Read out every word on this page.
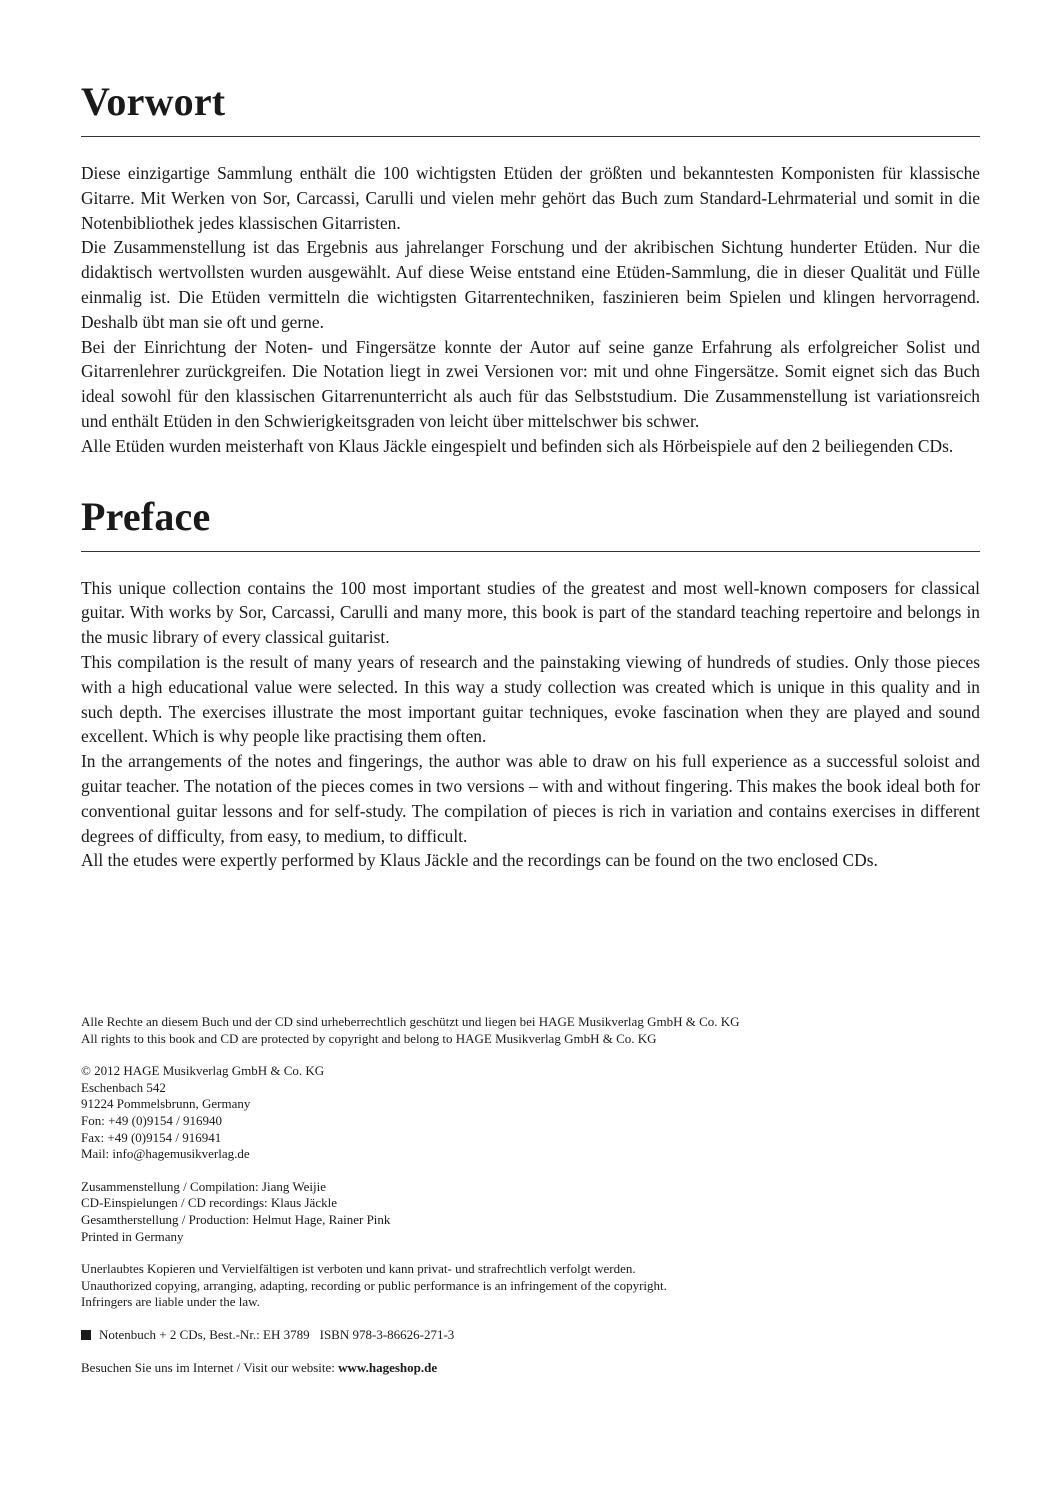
Vorwort

Diese einzigartige Sammlung enthält die 100 wichtigsten Etüden der größten und bekanntesten Komponisten für klassische Gitarre. Mit Werken von Sor, Carcassi, Carulli und vielen mehr gehört das Buch zum Standard-Lehrmaterial und somit in die Notenbibliothek jedes klassischen Gitarristen.

Die Zusammenstellung ist das Ergebnis aus jahrelanger Forschung und der akribischen Sichtung hunderter Etüden. Nur die didaktisch wertvollsten wurden ausgewählt. Auf diese Weise entstand eine Etüden-Sammlung, die in dieser Qualität und Fülle einmalig ist. Die Etüden vermitteln die wichtigsten Gitarrentechniken, faszinieren beim Spielen und klingen hervorragend. Deshalb übt man sie oft und gerne.

Bei der Einrichtung der Noten- und Fingersätze konnte der Autor auf seine ganze Erfahrung als erfolgreicher Solist und Gitarrenlehrer zurückgreifen. Die Notation liegt in zwei Versionen vor: mit und ohne Fingersätze. Somit eignet sich das Buch ideal sowohl für den klassischen Gitarrenunterricht als auch für das Selbststudium. Die Zusammenstellung ist variationsreich und enthält Etüden in den Schwierigkeitsgraden von leicht über mittelschwer bis schwer.

Alle Etüden wurden meisterhaft von Klaus Jäckle eingespielt und befinden sich als Hörbeispiele auf den 2 beiliegenden CDs.

Preface

This unique collection contains the 100 most important studies of the greatest and most well-known composers for classical guitar. With works by Sor, Carcassi, Carulli and many more, this book is part of the standard teaching repertoire and belongs in the music library of every classical guitarist.

This compilation is the result of many years of research and the painstaking viewing of hundreds of studies. Only those pieces with a high educational value were selected. In this way a study collection was created which is unique in this quality and in such depth. The exercises illustrate the most important guitar techniques, evoke fascination when they are played and sound excellent. Which is why people like practising them often.

In the arrangements of the notes and fingerings, the author was able to draw on his full experience as a successful soloist and guitar teacher. The notation of the pieces comes in two versions – with and without fingering. This makes the book ideal both for conventional guitar lessons and for self-study. The compilation of pieces is rich in variation and contains exercises in different degrees of difficulty, from easy, to medium, to difficult.

All the etudes were expertly performed by Klaus Jäckle and the recordings can be found on the two enclosed CDs.

Alle Rechte an diesem Buch und der CD sind urheberrechtlich geschützt und liegen bei HAGE Musikverlag GmbH & Co. KG
All rights to this book and CD are protected by copyright and belong to HAGE Musikverlag GmbH & Co. KG
© 2012 HAGE Musikverlag GmbH & Co. KG
Eschenbach 542
91224 Pommelsbrunn, Germany
Fon: +49 (0)9154 / 916940
Fax: +49 (0)9154 / 916941
Mail: info@hagemusikverlag.de
Zusammenstellung / Compilation: Jiang Weijie
CD-Einspielungen / CD recordings: Klaus Jäckle
Gesamtherstellung / Production: Helmut Hage, Rainer Pink
Printed in Germany
Unerlaubtes Kopieren und Vervielfältigen ist verboten und kann privat- und strafrechtlich verfolgt werden.
Unauthorized copying, arranging, adapting, recording or public performance is an infringement of the copyright.
Infringers are liable under the law.
Notenbuch + 2 CDs, Best.-Nr.: EH 3789 ISBN 978-3-86626-271-3
Besuchen Sie uns im Internet / Visit our website: www.hageshop.de
